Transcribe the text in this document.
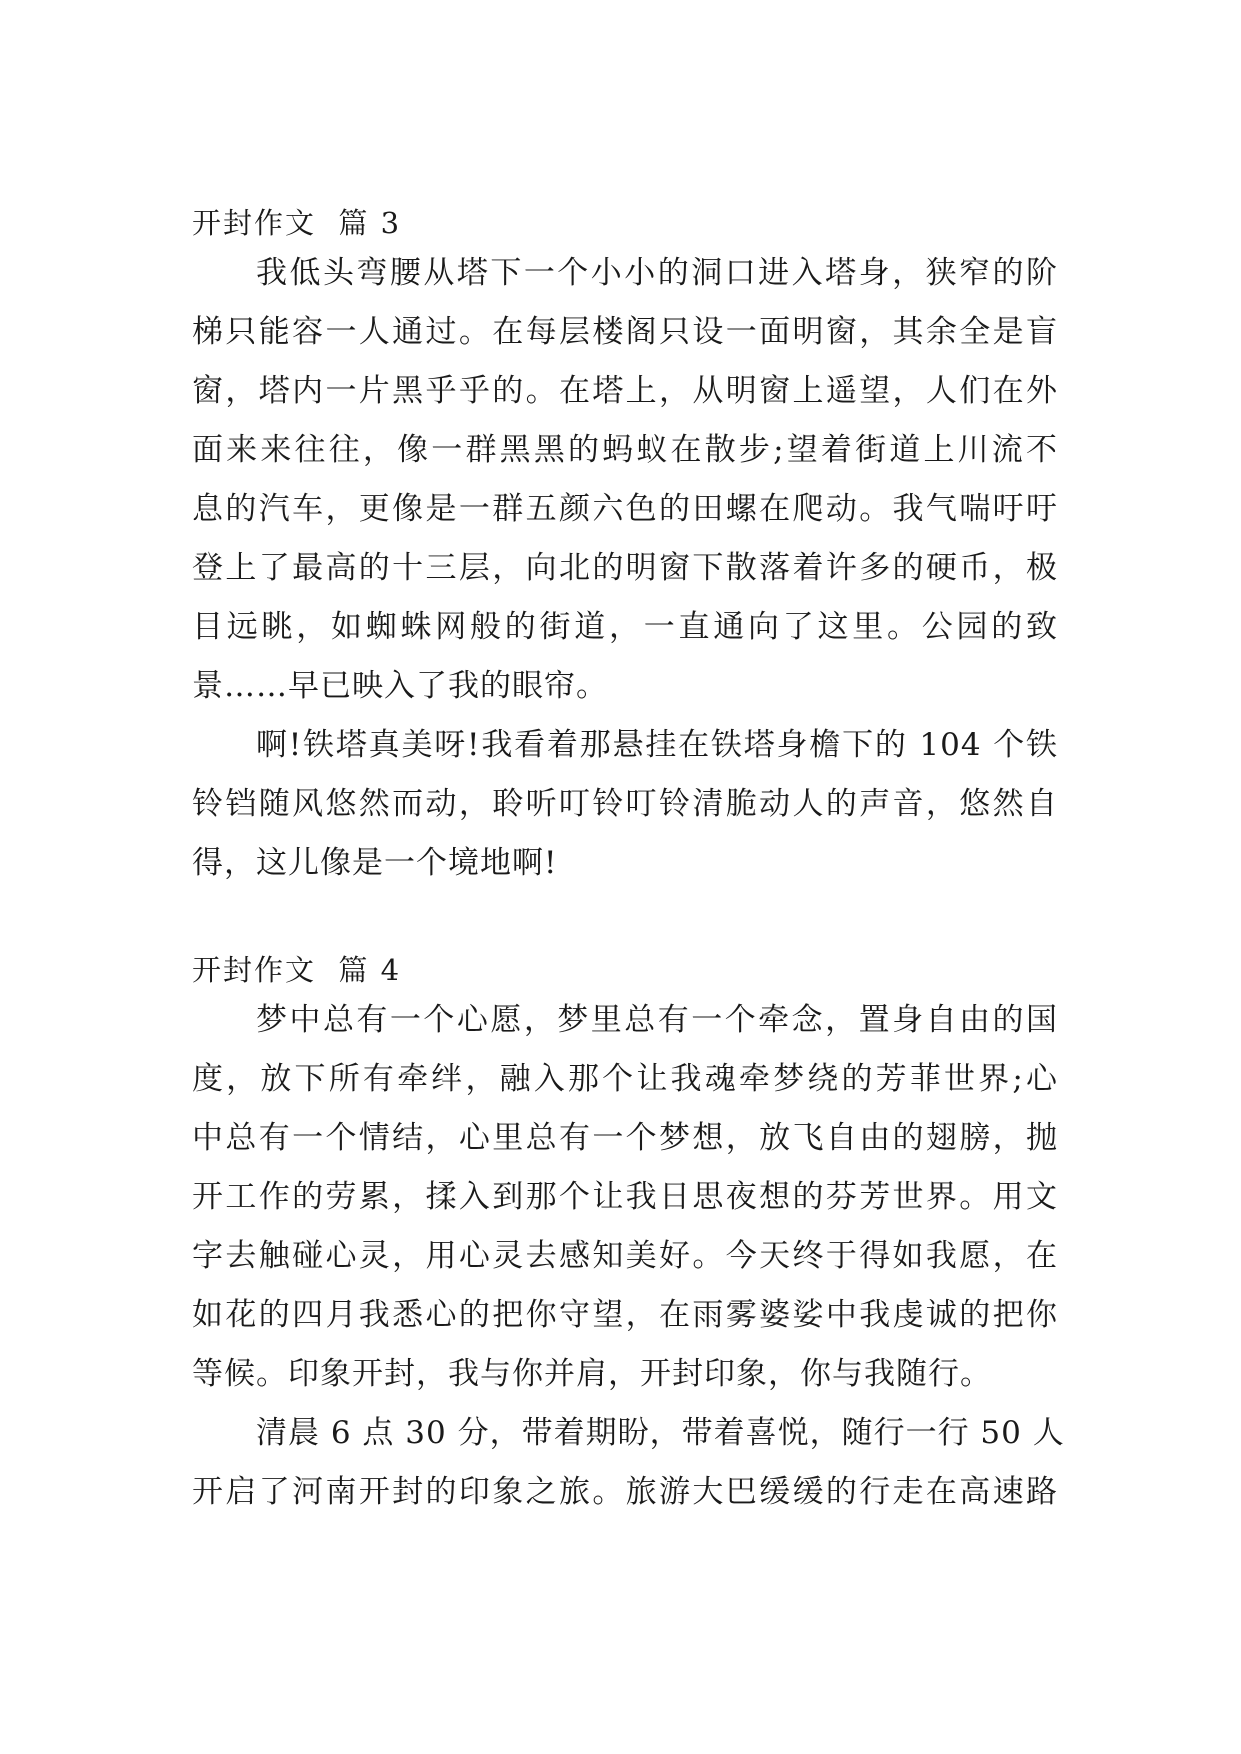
开封作文  篇 3
我低头弯腰从塔下一个小小的洞口进入塔身，狭窄的阶
梯只能容一人通过。在每层楼阁只设一面明窗，其余全是盲
窗，塔内一片黑乎乎的。在塔上，从明窗上遥望，人们在外
面来来往往，像一群黑黑的蚂蚁在散步;望着街道上川流不
息的汽车，更像是一群五颜六色的田螺在爬动。我气喘吁吁
登上了最高的十三层，向北的明窗下散落着许多的硬币，极
目远眺，如蜘蛛网般的街道，一直通向了这里。公园的致
景……早已映入了我的眼帘。
啊!铁塔真美呀!我看着那悬挂在铁塔身檐下的 104 个铁
铃铛随风悠然而动，聆听叮铃叮铃清脆动人的声音，悠然自
得，这儿像是一个境地啊!
开封作文  篇 4
梦中总有一个心愿，梦里总有一个牵念，置身自由的国
度，放下所有牵绊，融入那个让我魂牵梦绕的芳菲世界;心
中总有一个情结，心里总有一个梦想，放飞自由的翅膀，抛
开工作的劳累，揉入到那个让我日思夜想的芬芳世界。用文
字去触碰心灵，用心灵去感知美好。今天终于得如我愿，在
如花的四月我悉心的把你守望，在雨雾婆娑中我虔诚的把你
等候。印象开封，我与你并肩，开封印象，你与我随行。
清晨 6 点 30 分，带着期盼，带着喜悦，随行一行 50 人
开启了河南开封的印象之旅。旅游大巴缓缓的行走在高速路
